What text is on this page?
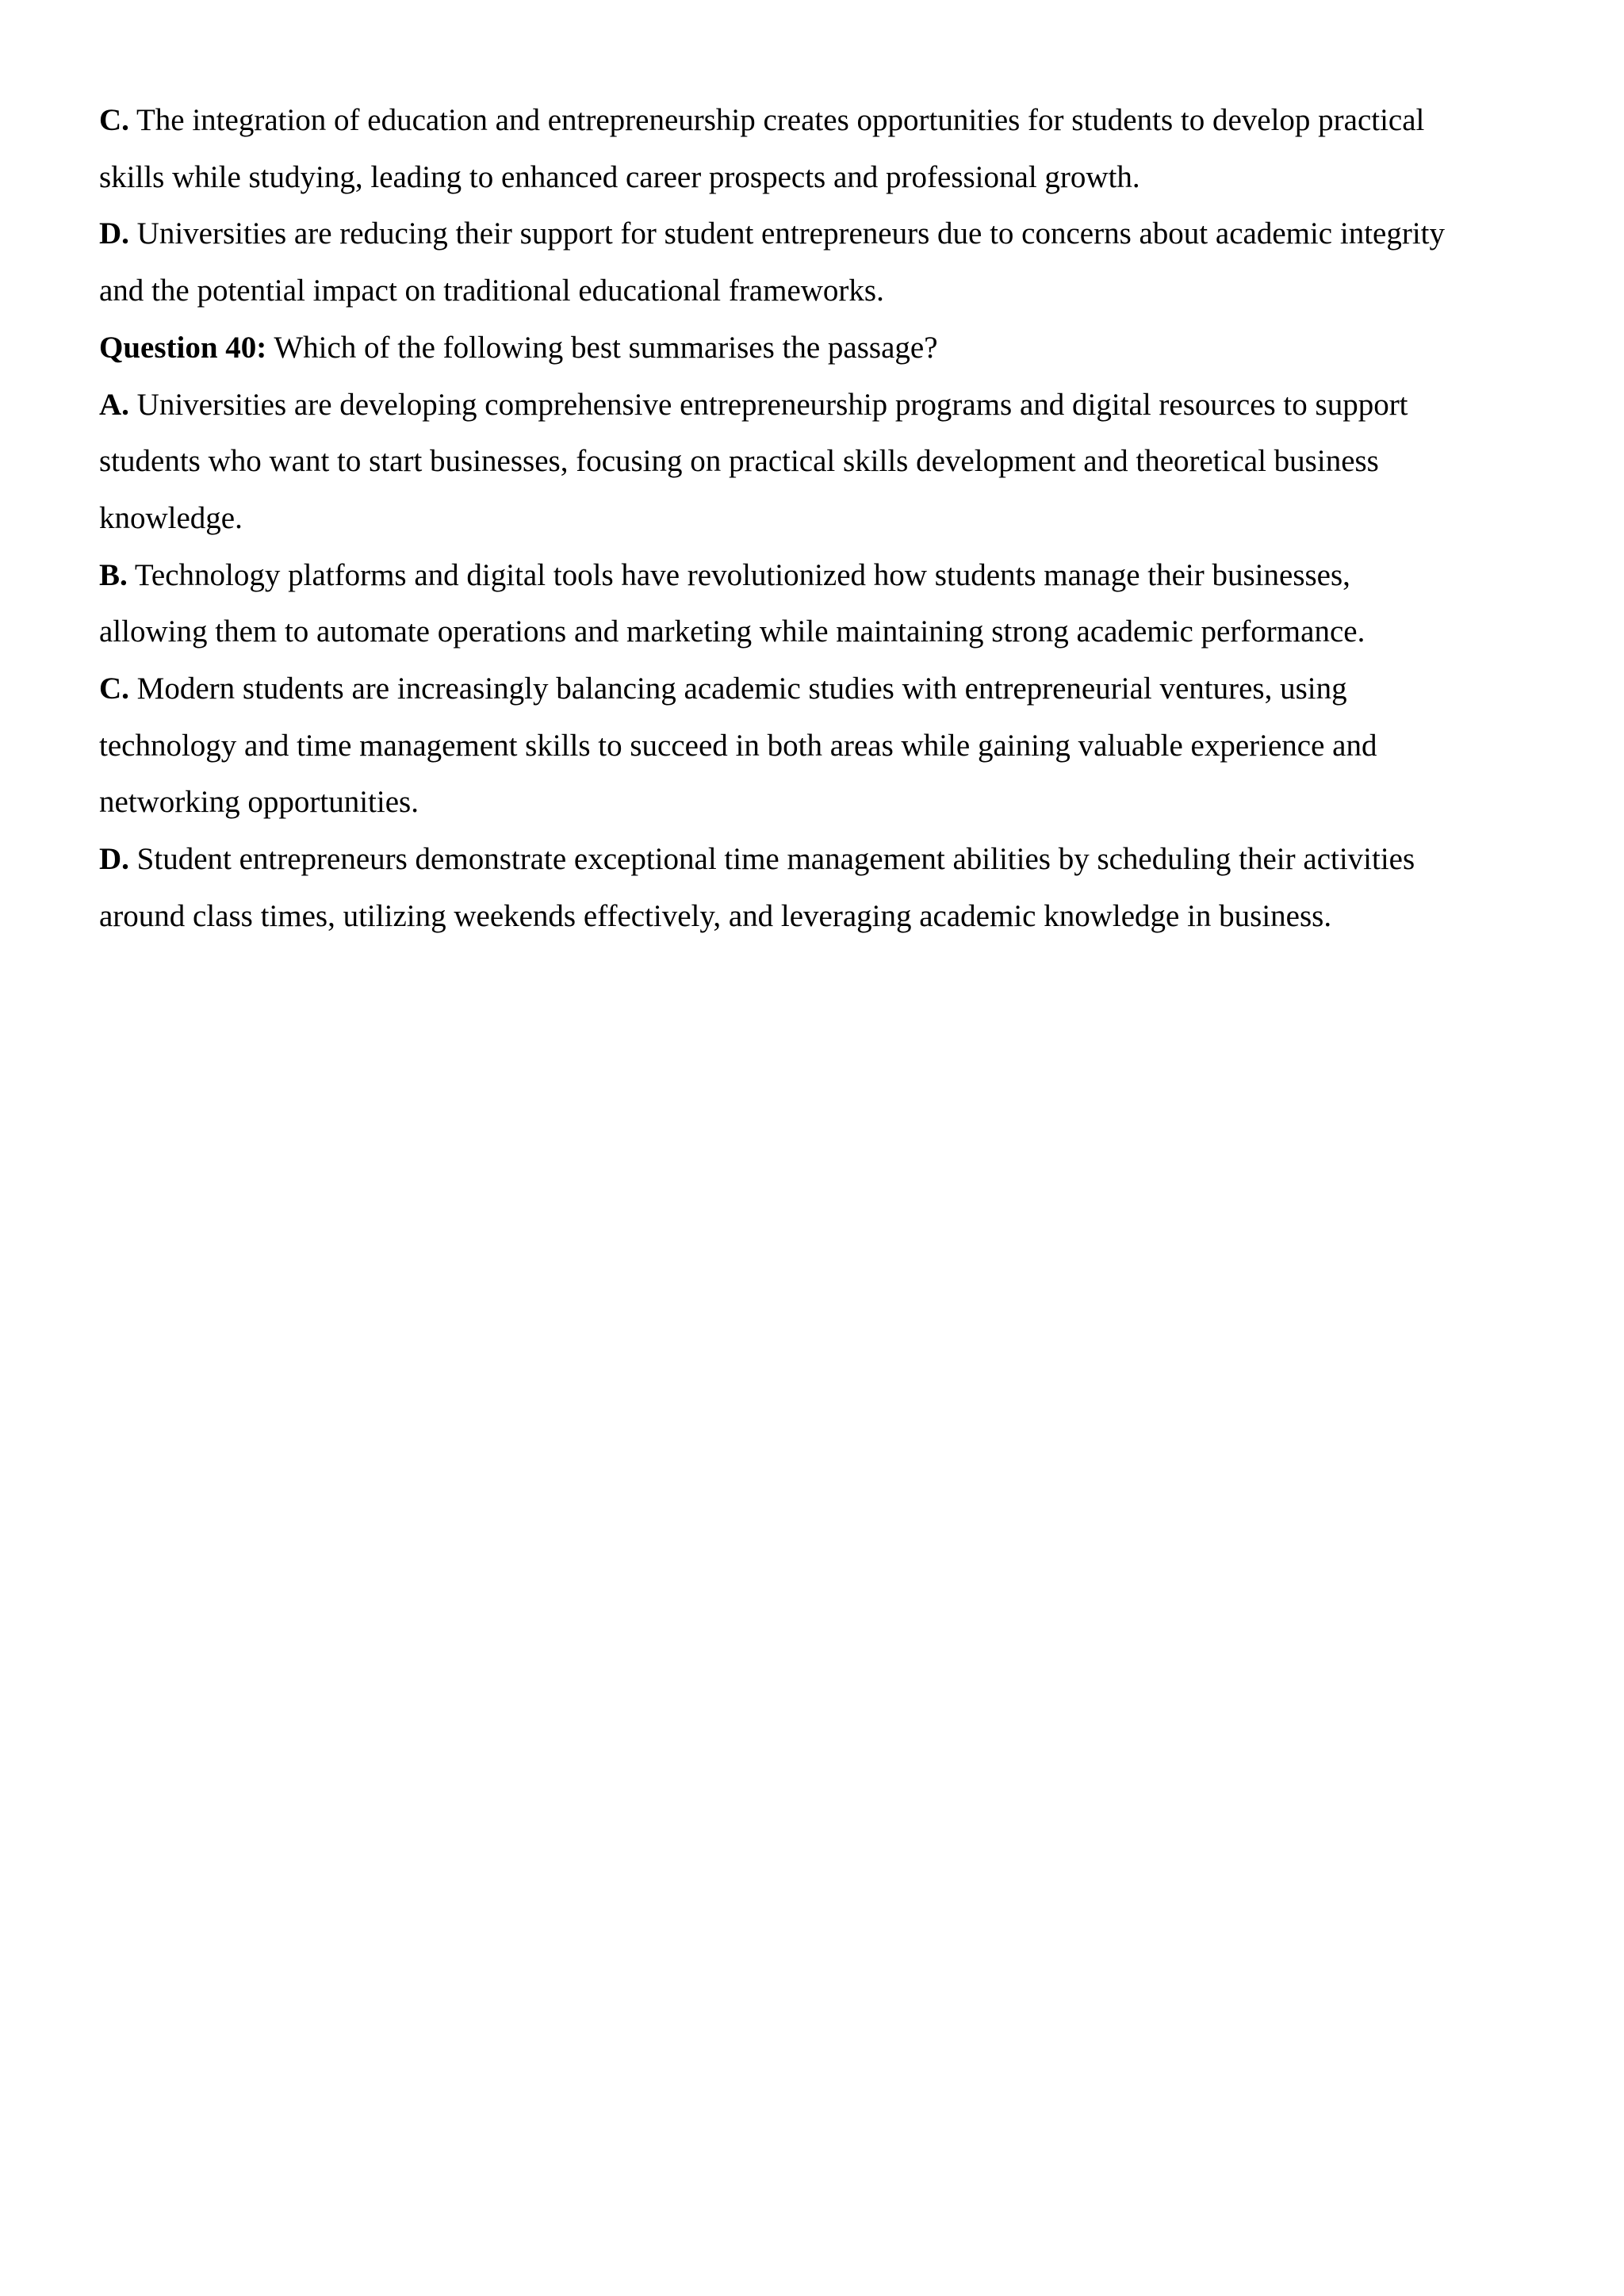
C. The integration of education and entrepreneurship creates opportunities for students to develop practical

skills while studying, leading to enhanced career prospects and professional growth.

D. Universities are reducing their support for student entrepreneurs due to concerns about academic integrity

and the potential impact on traditional educational frameworks.

Question 40: Which of the following best summarises the passage?

A. Universities are developing comprehensive entrepreneurship programs and digital resources to support

students who want to start businesses, focusing on practical skills development and theoretical business

knowledge.

B. Technology platforms and digital tools have revolutionized how students manage their businesses,

allowing them to automate operations and marketing while maintaining strong academic performance.

C. Modern students are increasingly balancing academic studies with entrepreneurial ventures, using

technology and time management skills to succeed in both areas while gaining valuable experience and

networking opportunities.

D. Student entrepreneurs demonstrate exceptional time management abilities by scheduling their activities

around class times, utilizing weekends effectively, and leveraging academic knowledge in business.
